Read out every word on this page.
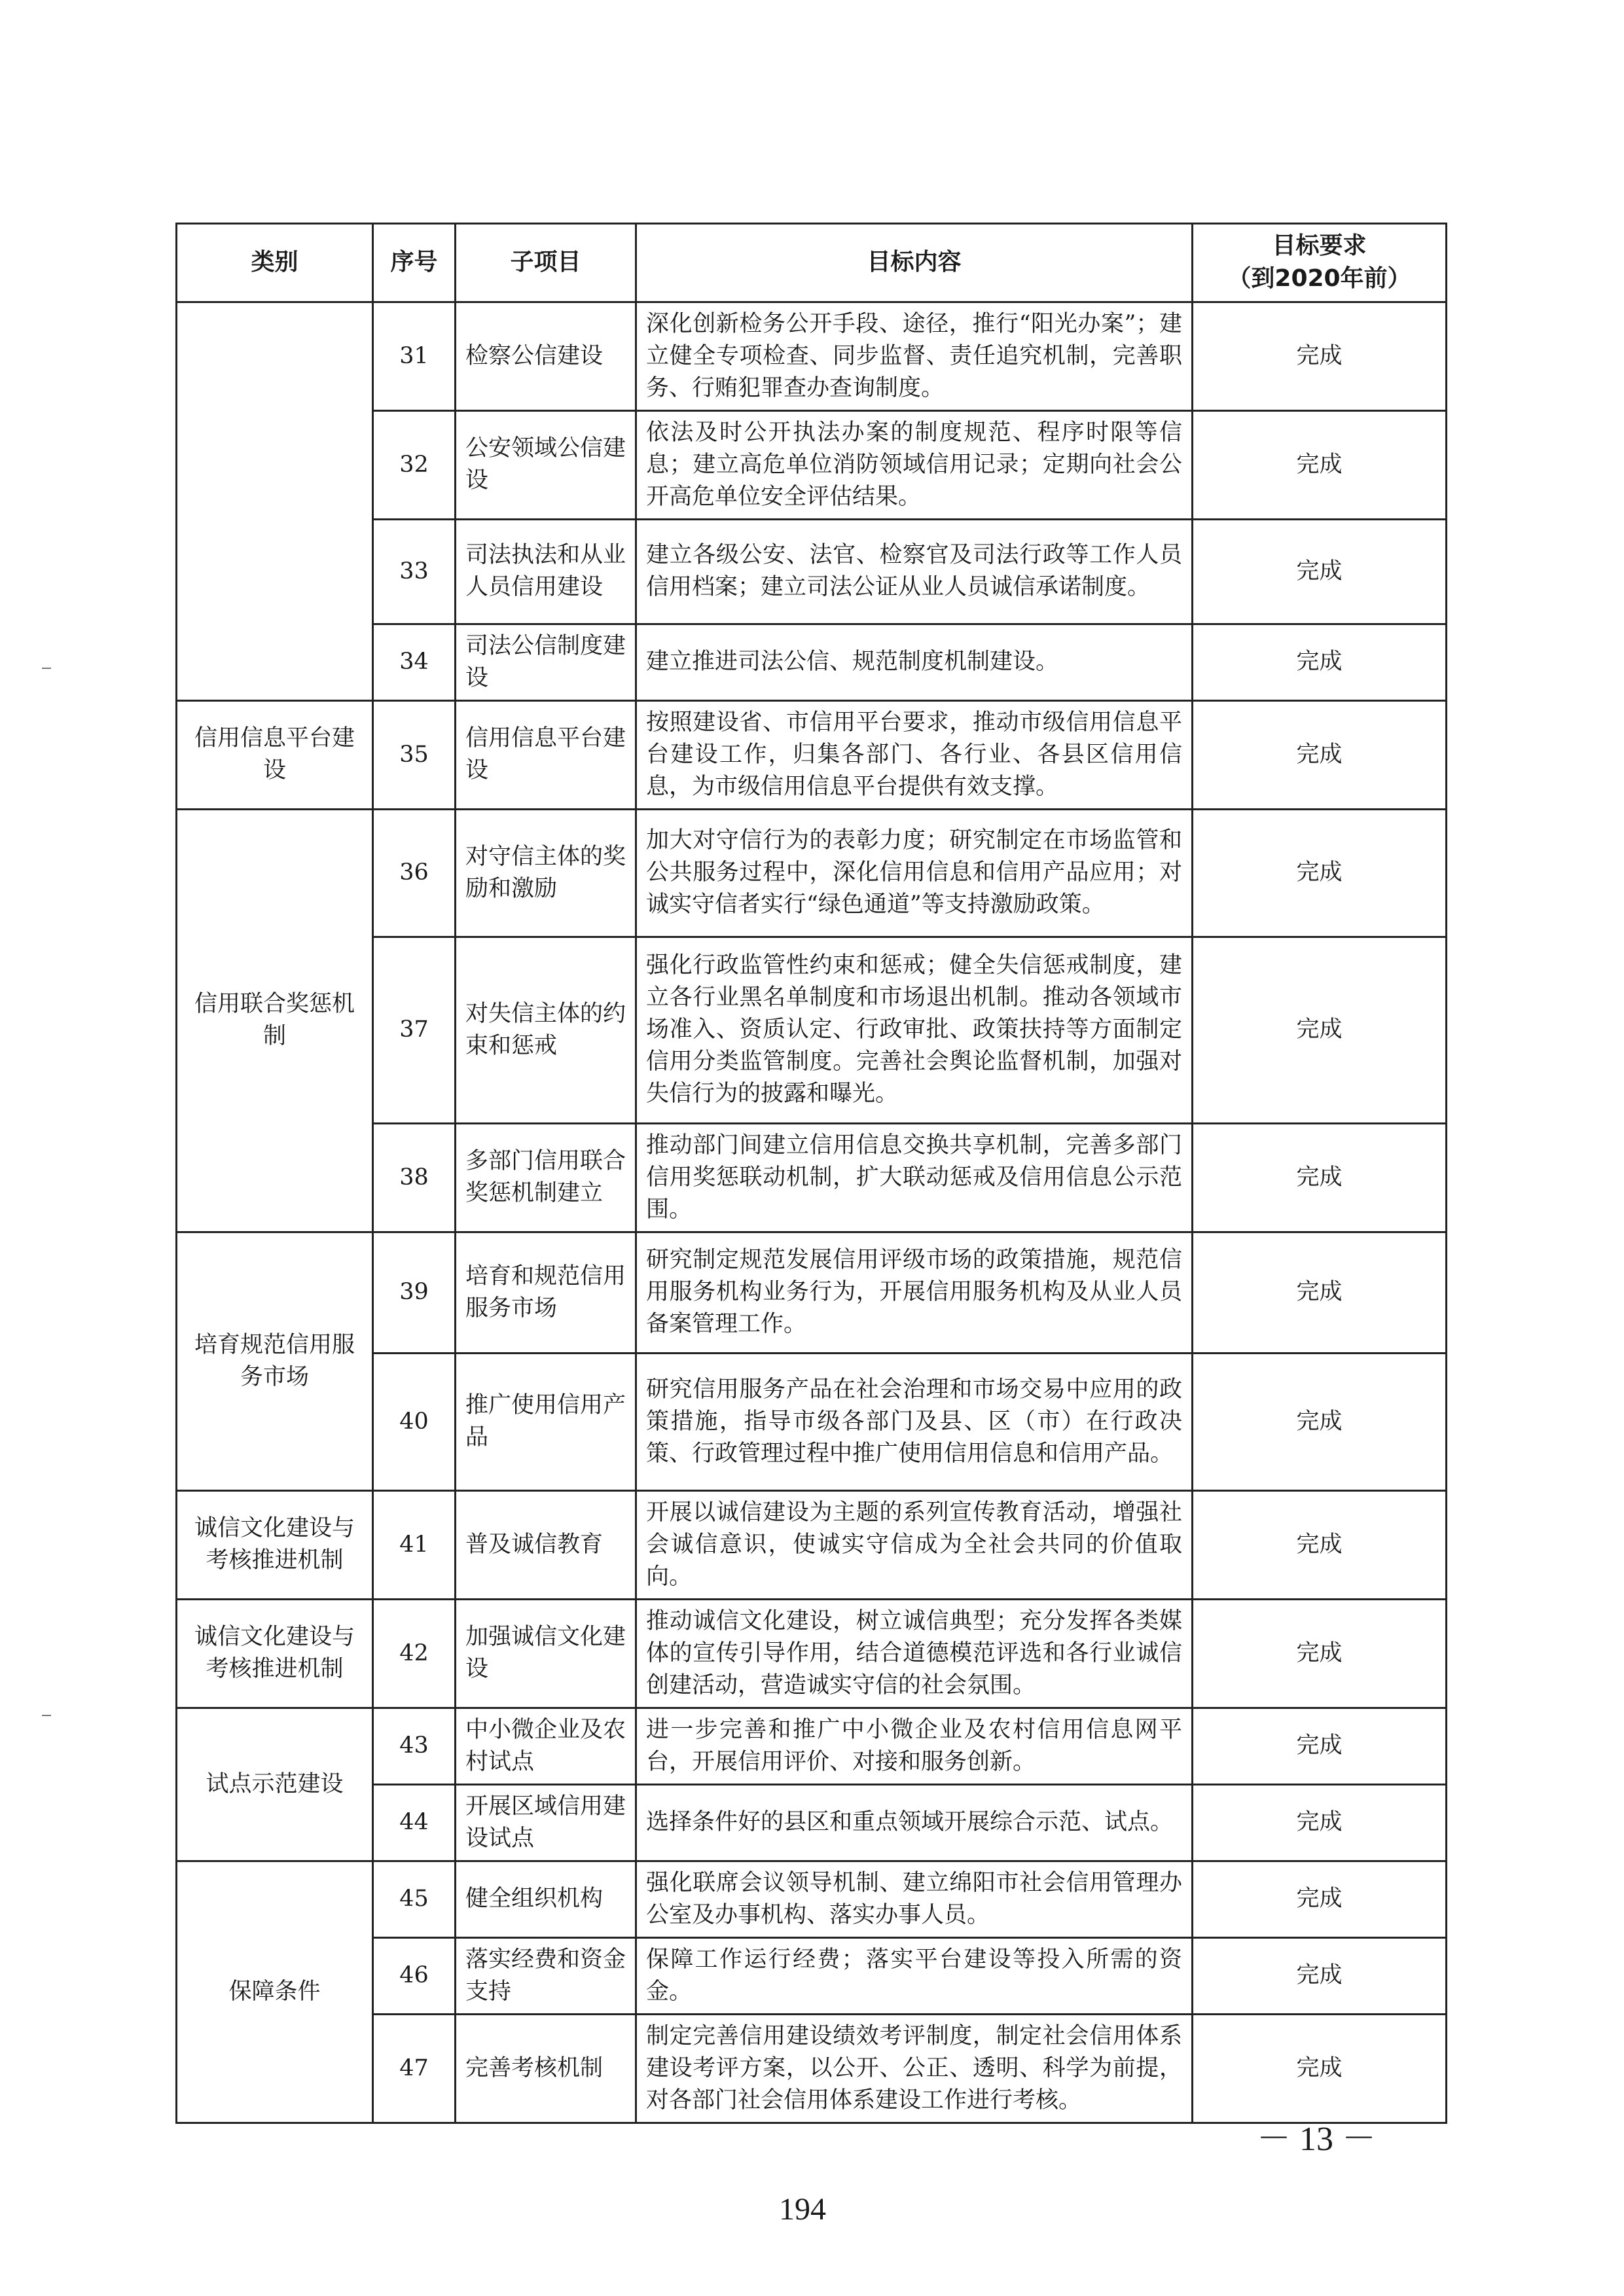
类别	序号	子项目	目标内容	目标要求
（到2020年前）

	31	检察公信建设	深化创新检务公开手段、途径，推行“阳光办案”；建立健全专项检查、同步监督、责任追究机制，完善职务、行贿犯罪查办查询制度。	完成
	32	公安领域公信建设	依法及时公开执法办案的制度规范、程序时限等信息；建立高危单位消防领域信用记录；定期向社会公开高危单位安全评估结果。	完成
	33	司法执法和从业人员信用建设	建立各级公安、法官、检察官及司法行政等工作人员信用档案；建立司法公证从业人员诚信承诺制度。	完成
	34	司法公信制度建设	建立推进司法公信、规范制度机制建设。	完成
信用信息平台建设	35	信用信息平台建设	按照建设省、市信用平台要求，推动市级信用信息平台建设工作，归集各部门、各行业、各县区信用信息，为市级信用信息平台提供有效支撑。	完成
信用联合奖惩机制	36	对守信主体的奖励和激励	加大对守信行为的表彰力度；研究制定在市场监管和公共服务过程中，深化信用信息和信用产品应用；对诚实守信者实行“绿色通道”等支持激励政策。	完成
	37	对失信主体的约束和惩戒	强化行政监管性约束和惩戒；健全失信惩戒制度，建立各行业黑名单制度和市场退出机制。推动各领域市场准入、资质认定、行政审批、政策扶持等方面制定信用分类监管制度。完善社会舆论监督机制，加强对失信行为的披露和曝光。	完成
	38	多部门信用联合奖惩机制建立	推动部门间建立信用信息交换共享机制，完善多部门信用奖惩联动机制，扩大联动惩戒及信用信息公示范围。	完成
培育规范信用服务市场	39	培育和规范信用服务市场	研究制定规范发展信用评级市场的政策措施，规范信用服务机构业务行为，开展信用服务机构及从业人员备案管理工作。	完成
	40	推广使用信用产品	研究信用服务产品在社会治理和市场交易中应用的政策措施，指导市级各部门及县、区（市）在行政决策、行政管理过程中推广使用信用信息和信用产品。	完成
诚信文化建设与考核推进机制	41	普及诚信教育	开展以诚信建设为主题的系列宣传教育活动，增强社会诚信意识，使诚实守信成为全社会共同的价值取向。	完成
诚信文化建设与考核推进机制	42	加强诚信文化建设	推动诚信文化建设，树立诚信典型；充分发挥各类媒体的宣传引导作用，结合道德模范评选和各行业诚信创建活动，营造诚实守信的社会氛围。	完成
试点示范建设	43	中小微企业及农村试点	进一步完善和推广中小微企业及农村信用信息网平台，开展信用评价、对接和服务创新。	完成
	44	开展区域信用建设试点	选择条件好的县区和重点领域开展综合示范、试点。	完成
保障条件	45	健全组织机构	强化联席会议领导机制、建立绵阳市社会信用管理办公室及办事机构、落实办事人员。	完成
	46	落实经费和资金支持	保障工作运行经费；落实平台建设等投入所需的资金。	完成
	47	完善考核机制	制定完善信用建设绩效考评制度，制定社会信用体系建设考评方案，以公开、公正、透明、科学为前提，对各部门社会信用体系建设工作进行考核。	完成
－ 13 －
194
